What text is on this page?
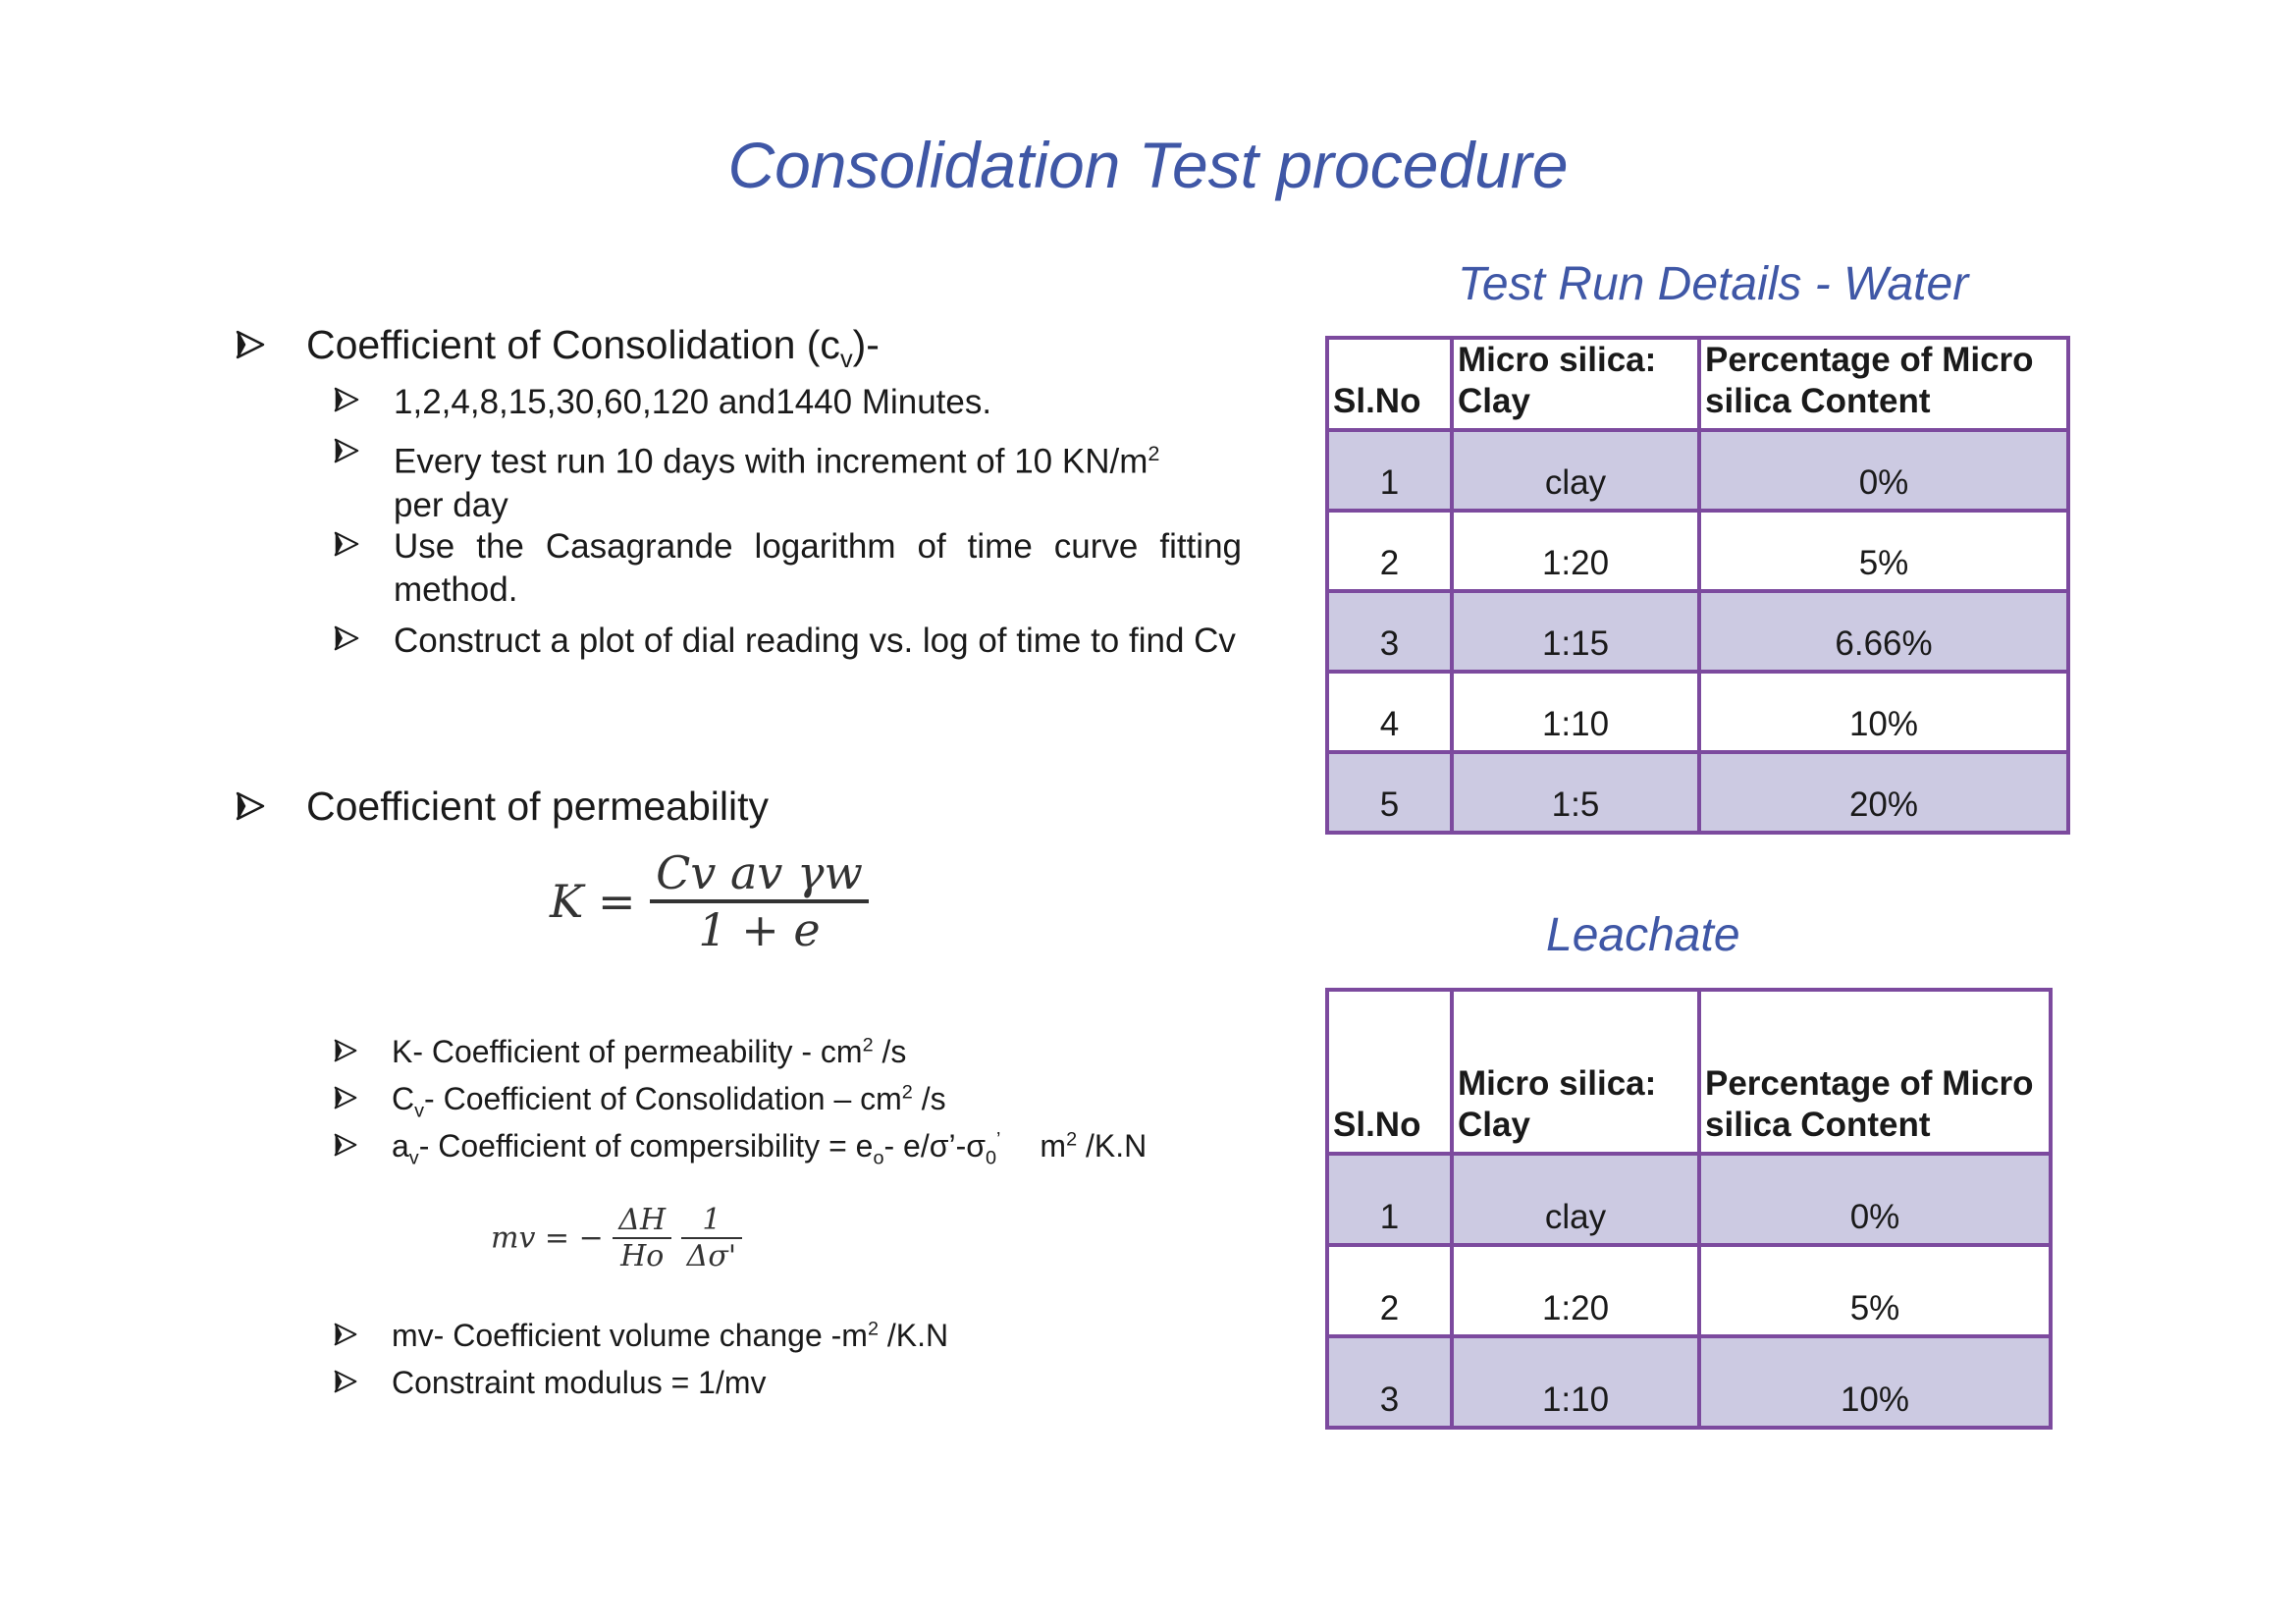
Consolidation Test procedure
Coefficient of Consolidation $(c_v)-$
1,2,4,8,15,30,60,120 and1440 Minutes.
Every test run 10 days with increment of 10 $KN/m^2$
per day
Use the Casagrande logarithm of time curve fitting method.
Construct a plot of dial reading vs. log of time to find Cv
Coefficient of permeability
$K = \frac{\text{Cv av γw}}{1 + e}$
K- Coefficient of permeability - $cm^2$ /s
$C_v-$ Coefficient of Consolidation – $cm^2$ /s
$a_v-$ Coefficient of compersibility = $e_o-$ $e/\sigma’-\sigma_0^’$ $m^2$ /K.N
mv = − $\frac{\Delta H}{Ho}$
$\frac{1}{\Delta\sigma'}$
mv- Coefficient volume change $-m^2$ /K.N
Constraint modulus = 1/mv
Test Run Details - Water
Sl.No	Micro silica: Clay	Percentage of Micro silica Content
1	clay	0%
2	1:20	5%
3	1:15	6.66%
4	1:10	10%
5	1:5	20%
Leachate
Sl.No	Micro silica: Clay	Percentage of Micro silica Content
1	clay	0%
2	1:20	5%
3	1:10	10%
